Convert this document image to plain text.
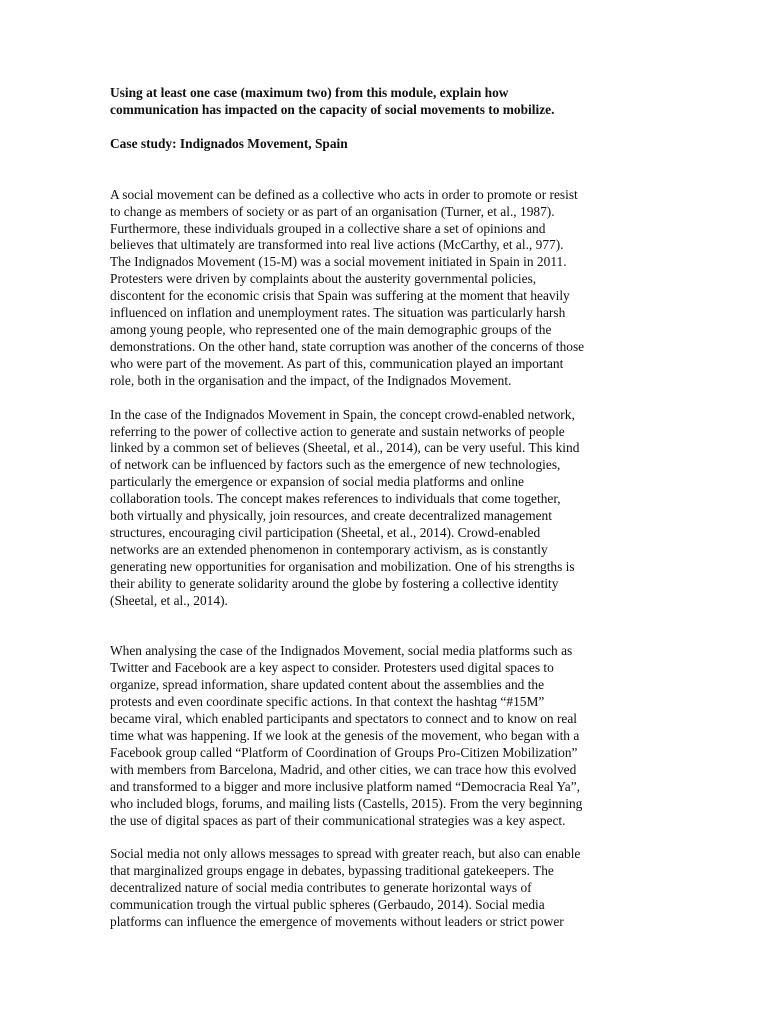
Using at least one case (maximum two) from this module, explain how
communication has impacted on the capacity of social movements to mobilize.

Case study: Indignados Movement, Spain

A social movement can be defined as a collective who acts in order to promote or resist
to change as members of society or as part of an organisation (Turner, et al., 1987).
Furthermore, these individuals grouped in a collective share a set of opinions and
believes that ultimately are transformed into real live actions (McCarthy, et al., 977).
The Indignados Movement (15-M) was a social movement initiated in Spain in 2011.
Protesters were driven by complaints about the austerity governmental policies,
discontent for the economic crisis that Spain was suffering at the moment that heavily
influenced on inflation and unemployment rates. The situation was particularly harsh
among young people, who represented one of the main demographic groups of the
demonstrations. On the other hand, state corruption was another of the concerns of those
who were part of the movement. As part of this, communication played an important
role, both in the organisation and the impact, of the Indignados Movement.

In the case of the Indignados Movement in Spain, the concept crowd-enabled network,
referring to the power of collective action to generate and sustain networks of people
linked by a common set of believes (Sheetal, et al., 2014), can be very useful. This kind
of network can be influenced by factors such as the emergence of new technologies,
particularly the emergence or expansion of social media platforms and online
collaboration tools. The concept makes references to individuals that come together,
both virtually and physically, join resources, and create decentralized management
structures, encouraging civil participation (Sheetal, et al., 2014). Crowd-enabled
networks are an extended phenomenon in contemporary activism, as is constantly
generating new opportunities for organisation and mobilization. One of his strengths is
their ability to generate solidarity around the globe by fostering a collective identity
(Sheetal, et al., 2014).

When analysing the case of the Indignados Movement, social media platforms such as
Twitter and Facebook are a key aspect to consider. Protesters used digital spaces to
organize, spread information, share updated content about the assemblies and the
protests and even coordinate specific actions. In that context the hashtag “#15M”
became viral, which enabled participants and spectators to connect and to know on real
time what was happening. If we look at the genesis of the movement, who began with a
Facebook group called “Platform of Coordination of Groups Pro-Citizen Mobilization”
with members from Barcelona, Madrid, and other cities, we can trace how this evolved
and transformed to a bigger and more inclusive platform named “Democracia Real Ya”,
who included blogs, forums, and mailing lists (Castells, 2015). From the very beginning
the use of digital spaces as part of their communicational strategies was a key aspect.

Social media not only allows messages to spread with greater reach, but also can enable
that marginalized groups engage in debates, bypassing traditional gatekeepers. The
decentralized nature of social media contributes to generate horizontal ways of
communication trough the virtual public spheres (Gerbaudo, 2014). Social media
platforms can influence the emergence of movements without leaders or strict power
